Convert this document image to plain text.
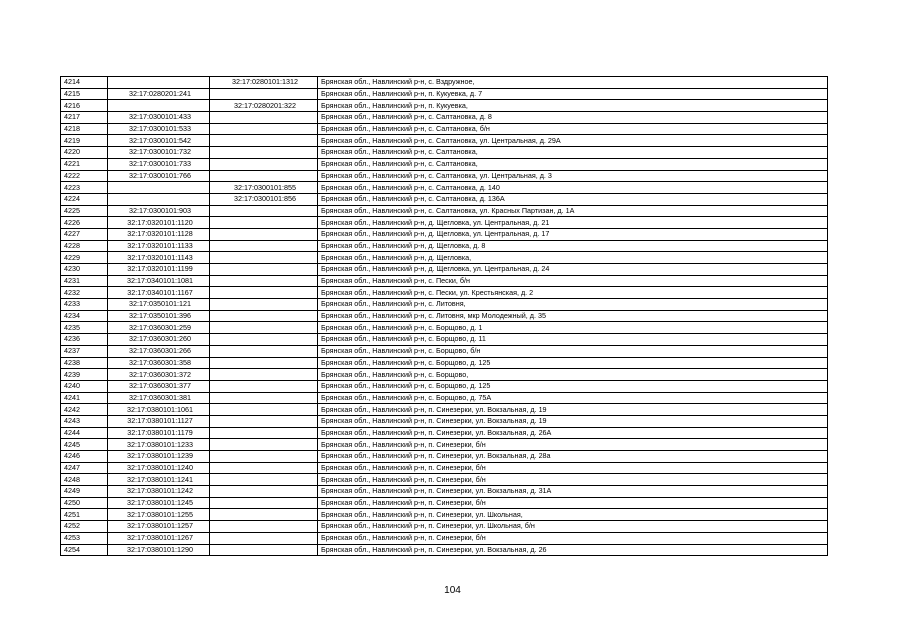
4214		32:17:0280101:1312	Брянская обл., Навлинский р-н, с. Вздружное,
4215	32:17:0280201:241		Брянская обл., Навлинский р-н, п. Кукуевка, д. 7
4216		32:17:0280201:322	Брянская обл., Навлинский р-н, п. Кукуевка,
4217	32:17:0300101:433		Брянская обл., Навлинский р-н, с. Салтановка, д. 8
4218	32:17:0300101:533		Брянская обл., Навлинский р-н, с. Салтановка, б/н
4219	32:17:0300101:542		Брянская обл., Навлинский р-н, с. Салтановка, ул. Центральная, д. 29А
4220	32:17:0300101:732		Брянская обл., Навлинский р-н, с. Салтановка,
4221	32:17:0300101:733		Брянская обл., Навлинский р-н, с. Салтановка,
4222	32:17:0300101:766		Брянская обл., Навлинский р-н, с. Салтановка, ул. Центральная, д. 3
4223		32:17:0300101:855	Брянская обл., Навлинский р-н, с. Салтановка, д. 140
4224		32:17:0300101:856	Брянская обл., Навлинский р-н, с. Салтановка, д. 136А
4225	32:17:0300101:903		Брянская обл., Навлинский р-н, с. Салтановка, ул. Красных Партизан, д. 1А
4226	32:17:0320101:1120		Брянская обл., Навлинский р-н, д. Щегловка, ул. Центральная, д. 21
4227	32:17:0320101:1128		Брянская обл., Навлинский р-н, д. Щегловка, ул. Центральная, д. 17
4228	32:17:0320101:1133		Брянская обл., Навлинский р-н, д. Щегловка, д. 8
4229	32:17:0320101:1143		Брянская обл., Навлинский р-н, д. Щегловка,
4230	32:17:0320101:1199		Брянская обл., Навлинский р-н, д. Щегловка, ул. Центральная, д. 24
4231	32:17:0340101:1081		Брянская обл., Навлинский р-н, с. Пески, б/н
4232	32:17:0340101:1167		Брянская обл., Навлинский р-н, с. Пески, ул. Крестьянская, д. 2
4233	32:17:0350101:121		Брянская обл., Навлинский р-н, с. Литовня,
4234	32:17:0350101:396		Брянская обл., Навлинский р-н, с. Литовня, мкр Молодежный, д. 35
4235	32:17:0360301:259		Брянская обл., Навлинский р-н, с. Борщово, д. 1
4236	32:17:0360301:260		Брянская обл., Навлинский р-н, с. Борщово, д. 11
4237	32:17:0360301:266		Брянская обл., Навлинский р-н, с. Борщово, б/н
4238	32:17:0360301:358		Брянская обл., Навлинский р-н, с. Борщово, д. 125
4239	32:17:0360301:372		Брянская обл., Навлинский р-н, с. Борщово,
4240	32:17:0360301:377		Брянская обл., Навлинский р-н, с. Борщово, д. 125
4241	32:17:0360301:381		Брянская обл., Навлинский р-н, с. Борщово, д. 75А
4242	32:17:0380101:1061		Брянская обл., Навлинский р-н, п. Синезерки, ул. Вокзальная, д. 19
4243	32:17:0380101:1127		Брянская обл., Навлинский р-н, п. Синезерки, ул. Вокзальная, д. 19
4244	32:17:0380101:1179		Брянская обл., Навлинский р-н, п. Синезерки, ул. Вокзальная, д. 26А
4245	32:17:0380101:1233		Брянская обл., Навлинский р-н, п. Синезерки, б/н
4246	32:17:0380101:1239		Брянская обл., Навлинский р-н, п. Синезерки, ул. Вокзальная, д. 28а
4247	32:17:0380101:1240		Брянская обл., Навлинский р-н, п. Синезерки, б/н
4248	32:17:0380101:1241		Брянская обл., Навлинский р-н, п. Синезерки, б/н
4249	32:17:0380101:1242		Брянская обл., Навлинский р-н, п. Синезерки, ул. Вокзальная, д. 31А
4250	32:17:0380101:1245		Брянская обл., Навлинский р-н, п. Синезерки, б/н
4251	32:17:0380101:1255		Брянская обл., Навлинский р-н, п. Синезерки, ул. Школьная,
4252	32:17:0380101:1257		Брянская обл., Навлинский р-н, п. Синезерки, ул. Школьная, б/н
4253	32:17:0380101:1267		Брянская обл., Навлинский р-н, п. Синезерки, б/н
4254	32:17:0380101:1290		Брянская обл., Навлинский р-н, п. Синезерки, ул. Вокзальная, д. 26
104
